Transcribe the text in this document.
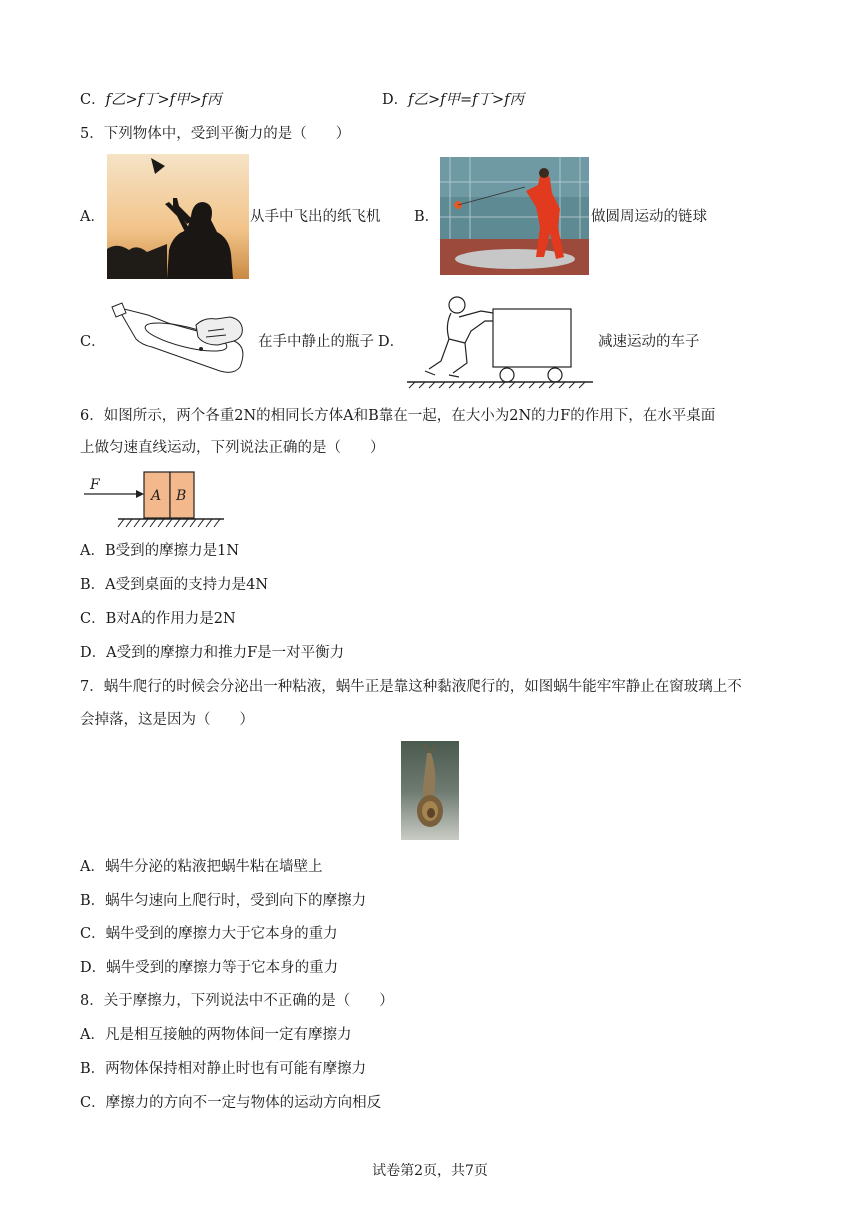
C．f乙>f丁>f甲>f丙	D．f乙>f甲=f丁>f丙
5．下列物体中，受到平衡力的是（　　）
A．	从手中飞出的纸飞机 B．	做圆周运动的链球
C．	在手中静止的瓶子 D．	减速运动的车子
6．如图所示，两个各重2N的相同长方体A和B靠在一起，在大小为2N的力F的作用下，在水平桌面
上做匀速直线运动，下列说法正确的是（　　）
F
A B
A．B受到的摩擦力是1N
B．A受到桌面的支持力是4N
C．B对A的作用力是2N
D．A受到的摩擦力和推力F是一对平衡力
7．蜗牛爬行的时候会分泌出一种粘液，蜗牛正是靠这种黏液爬行的，如图蜗牛能牢牢静止在窗玻璃上不
会掉落，这是因为（　　）
A．蜗牛分泌的粘液把蜗牛粘在墙壁上
B．蜗牛匀速向上爬行时，受到向下的摩擦力
C．蜗牛受到的摩擦力大于它本身的重力
D．蜗牛受到的摩擦力等于它本身的重力
8．关于摩擦力，下列说法中不正确的是（　　）
A．凡是相互接触的两物体间一定有摩擦力
B．两物体保持相对静止时也有可能有摩擦力
C．摩擦力的方向不一定与物体的运动方向相反
试卷第2页，共7页
